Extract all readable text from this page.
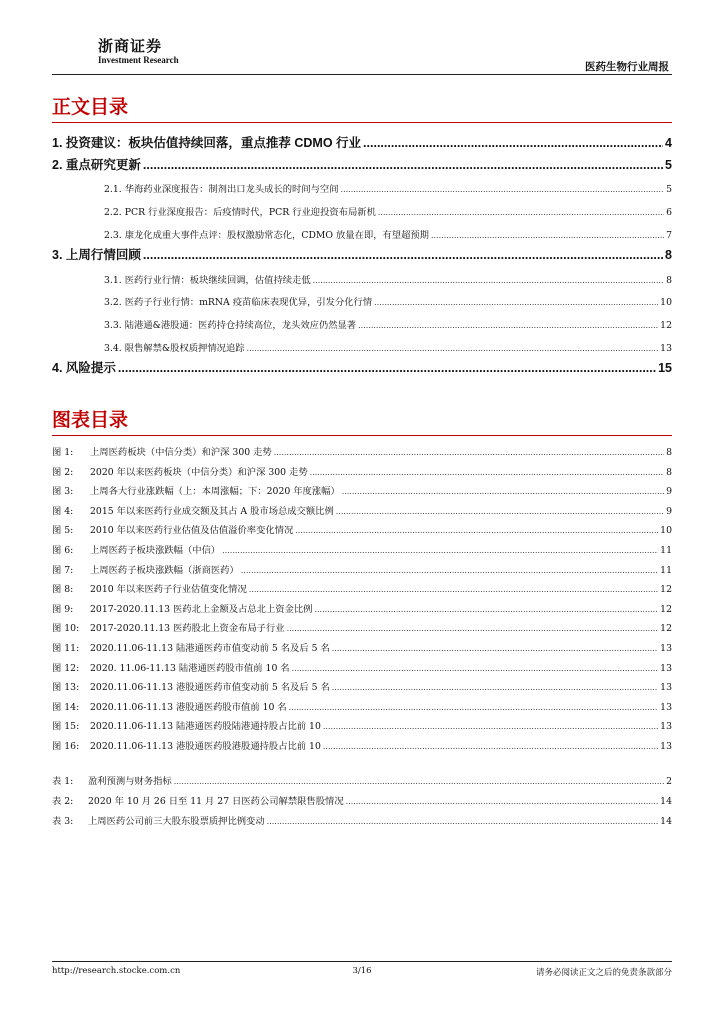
浙商证券
Investment Research
医药生物行业周报
正文目录
1. 投资建议：板块估值持续回落，重点推荐 CDMO 行业 .....	4
2. 重点研究更新 .....	5
2.1. 华海药业深度报告：制剂出口龙头成长的时间与空间 .....	5
2.2. PCR 行业深度报告：后疫情时代，PCR 行业迎投资布局新机 .....	6
2.3. 康龙化成重大事件点评：股权激励常态化，CDMO 放量在即，有望超预期 .....	7
3. 上周行情回顾 .....	8
3.1. 医药行业行情：板块继续回调，估值持续走低 .....	8
3.2. 医药子行业行情：mRNA 疫苗临床表现优异，引发分化行情 .....	10
3.3. 陆港通&港股通：医药持仓持续高位，龙头效应仍然显著 .....	12
3.4. 限售解禁&股权质押情况追踪 .....	13
4. 风险提示 .....	15
图表目录
图 1: 上周医药板块（中信分类）和沪深 300 走势 .....	8
图 2: 2020 年以来医药板块（中信分类）和沪深 300 走势 .....	8
图 3: 上周各大行业涨跌幅（上：本周涨幅；下：2020 年度涨幅） .....	9
图 4: 2015 年以来医药行业成交额及其占 A 股市场总成交额比例 .....	9
图 5: 2010 年以来医药行业估值及估值溢价率变化情况 .....	10
图 6: 上周医药子板块涨跌幅（中信） .....	11
图 7: 上周医药子板块涨跌幅（浙商医药） .....	11
图 8: 2010 年以来医药子行业估值变化情况 .....	12
图 9: 2017-2020.11.13 医药北上金额及占总北上资金比例 .....	12
图 10: 2017-2020.11.13 医药股北上资金布局子行业 .....	12
图 11: 2020.11.06-11.13 陆港通医药市值变动前 5 名及后 5 名 .....	13
图 12: 2020. 11.06-11.13 陆港通医药股市值前 10 名 .....	13
图 13: 2020.11.06-11.13 港股通医药市值变动前 5 名及后 5 名 .....	13
图 14: 2020.11.06-11.13 港股通医药股市值前 10 名 .....	13
图 15: 2020.11.06-11.13 陆港通医药股陆港通持股占比前 10 .....	13
图 16: 2020.11.06-11.13 港股通医药股港股通持股占比前 10 .....	13
表 1: 盈利预测与财务指标 .....	2
表 2: 2020 年 10 月 26 日至 11 月 27 日医药公司解禁限售股情况 .....	14
表 3: 上周医药公司前三大股东股票质押比例变动 .....	14
http://research.stocke.com.cn	3/16	请务必阅读正文之后的免责条款部分
